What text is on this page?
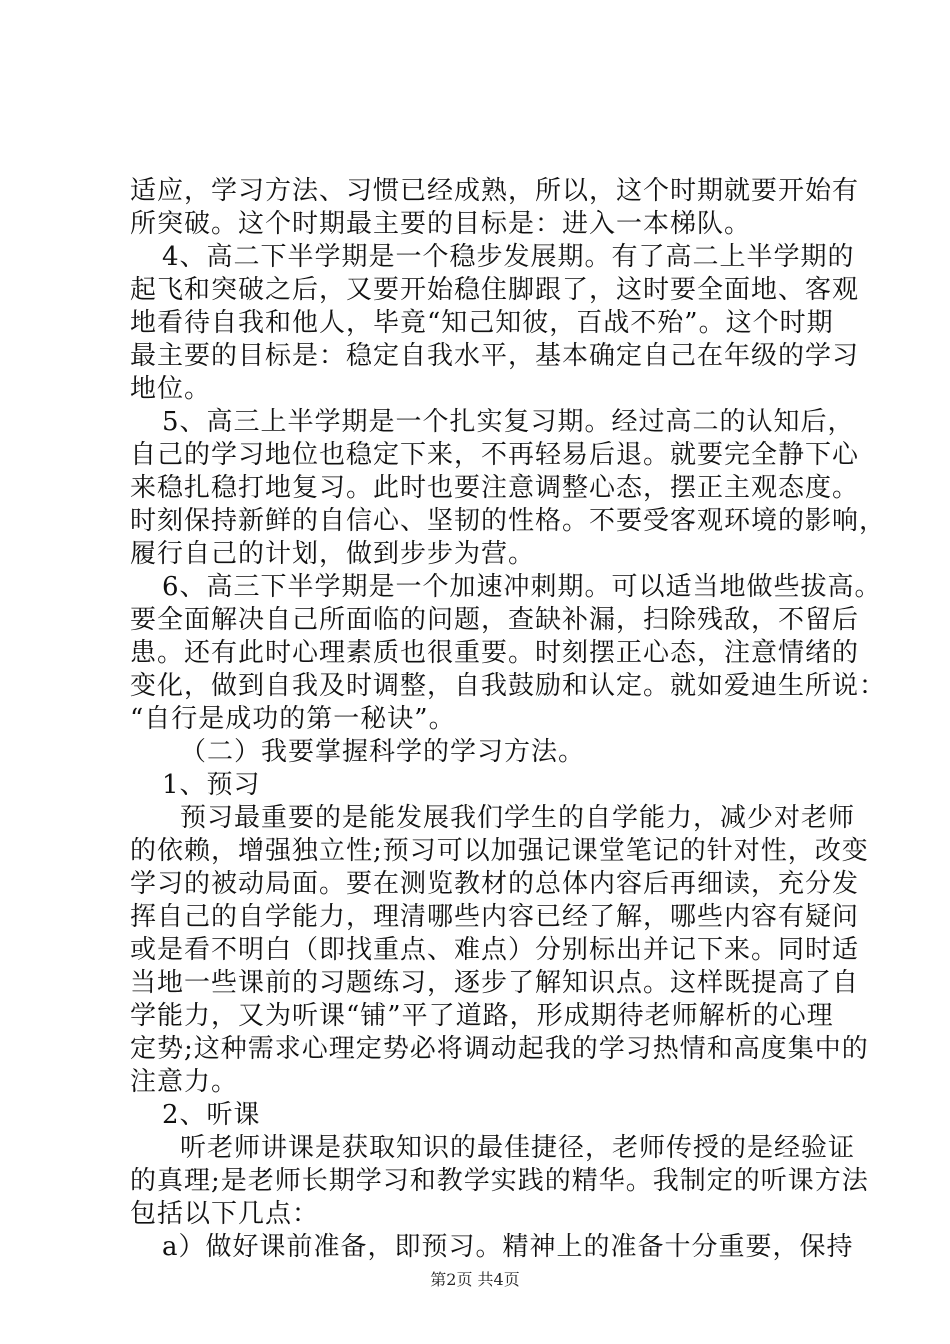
适应，学习方法、习惯已经成熟，所以，这个时期就要开始有
所突破。这个时期最主要的目标是：进入一本梯队。
4、高二下半学期是一个稳步发展期。有了高二上半学期的
起飞和突破之后，又要开始稳住脚跟了，这时要全面地、客观
地看待自我和他人，毕竟“知己知彼，百战不殆”。这个时期
最主要的目标是：稳定自我水平，基本确定自己在年级的学习
地位。
5、高三上半学期是一个扎实复习期。经过高二的认知后，
自己的学习地位也稳定下来，不再轻易后退。就要完全静下心
来稳扎稳打地复习。此时也要注意调整心态，摆正主观态度。
时刻保持新鲜的自信心、坚韧的性格。不要受客观环境的影响，
履行自己的计划，做到步步为营。
6、高三下半学期是一个加速冲刺期。可以适当地做些拔高。
要全面解决自己所面临的问题，查缺补漏，扫除残敌，不留后
患。还有此时心理素质也很重要。时刻摆正心态，注意情绪的
变化，做到自我及时调整，自我鼓励和认定。就如爱迪生所说：
“自行是成功的第一秘诀”。
（二）我要掌握科学的学习方法。
1、预习
预习最重要的是能发展我们学生的自学能力，减少对老师
的依赖，增强独立性;预习可以加强记课堂笔记的针对性，改变
学习的被动局面。要在测览教材的总体内容后再细读，充分发
挥自己的自学能力，理清哪些内容已经了解，哪些内容有疑问
或是看不明白（即找重点、难点）分别标出并记下来。同时适
当地一些课前的习题练习，逐步了解知识点。这样既提高了自
学能力，又为听课“铺”平了道路，形成期待老师解析的心理
定势;这种需求心理定势必将调动起我的学习热情和高度集中的
注意力。
2、听课
听老师讲课是获取知识的最佳捷径，老师传授的是经验证
的真理;是老师长期学习和教学实践的精华。我制定的听课方法
包括以下几点：
a）做好课前准备，即预习。精神上的准备十分重要，保持
第2页 共4页
